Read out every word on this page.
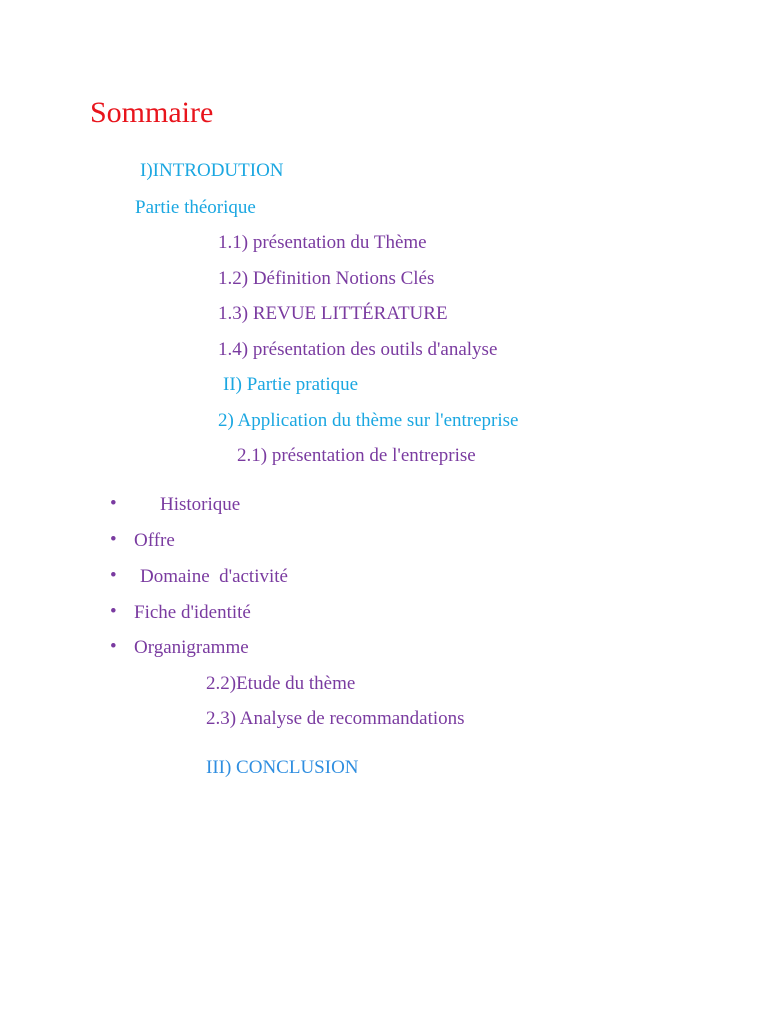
Sommaire
I)INTRODUTION
Partie théorique
1.1) présentation du Thème
1.2) Définition Notions Clés
1.3) REVUE LITTÉRATURE
1.4) présentation des outils d'analyse
II) Partie pratique
2) Application du thème sur l'entreprise
2.1) présentation de l'entreprise
• Historique
• Offre
• Domaine  d'activité
• Fiche d'identité
• Organigramme
2.2)Etude du thème
2.3) Analyse de recommandations
III) CONCLUSION
